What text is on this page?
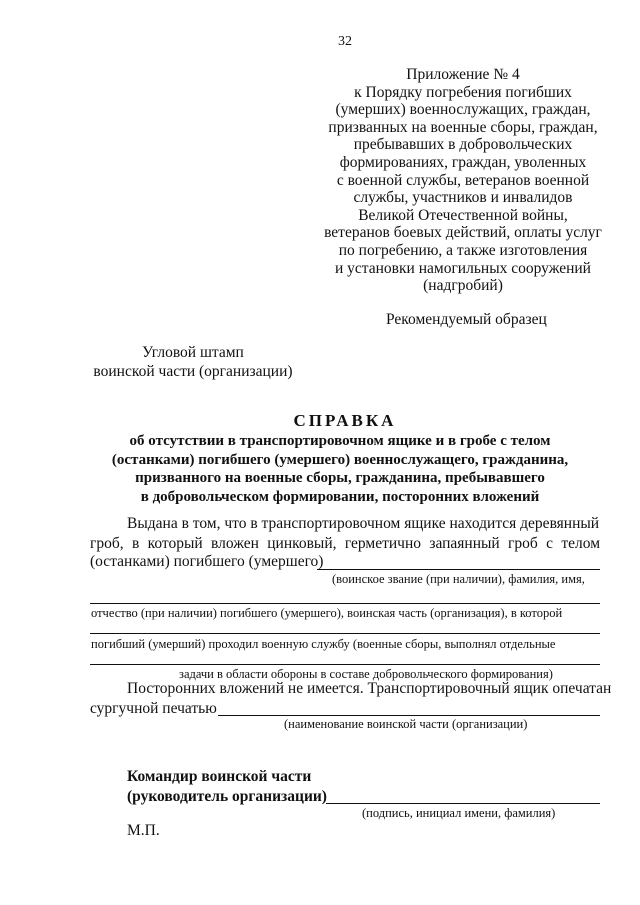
32
Приложение № 4
к Порядку погребения погибших
(умерших) военнослужащих, граждан,
призванных на военные сборы, граждан,
пребывавших в добровольческих
формированиях, граждан, уволенных
с военной службы, ветеранов военной
службы, участников и инвалидов
Великой Отечественной войны,
ветеранов боевых действий, оплаты услуг
по погребению, а также изготовления
и установки намогильных сооружений
(надгробий)
Рекомендуемый образец
Угловой штамп
воинской части (организации)
СПРАВКА
об отсутствии в транспортировочном ящике и в гробе с телом
(останками) погибшего (умершего) военнослужащего, гражданина,
призванного на военные сборы, гражданина, пребывавшего
в добровольческом формировании, посторонних вложений
Выдана в том, что в транспортировочном ящике находится деревянный
гроб, в который вложен цинковый, герметично запаянный гроб с телом
(останками) погибшего (умершего)
(воинское звание (при наличии), фамилия, имя,
отчество (при наличии) погибшего (умершего), воинская часть (организация), в которой
погибший (умерший) проходил военную службу (военные сборы, выполнял отдельные
задачи в области обороны в составе добровольческого формирования)
Посторонних вложений не имеется. Транспортировочный ящик опечатан
сургучной печатью
(наименование воинской части (организации)
Командир воинской части
(руководитель организации)
(подпись, инициал имени, фамилия)
М.П.
